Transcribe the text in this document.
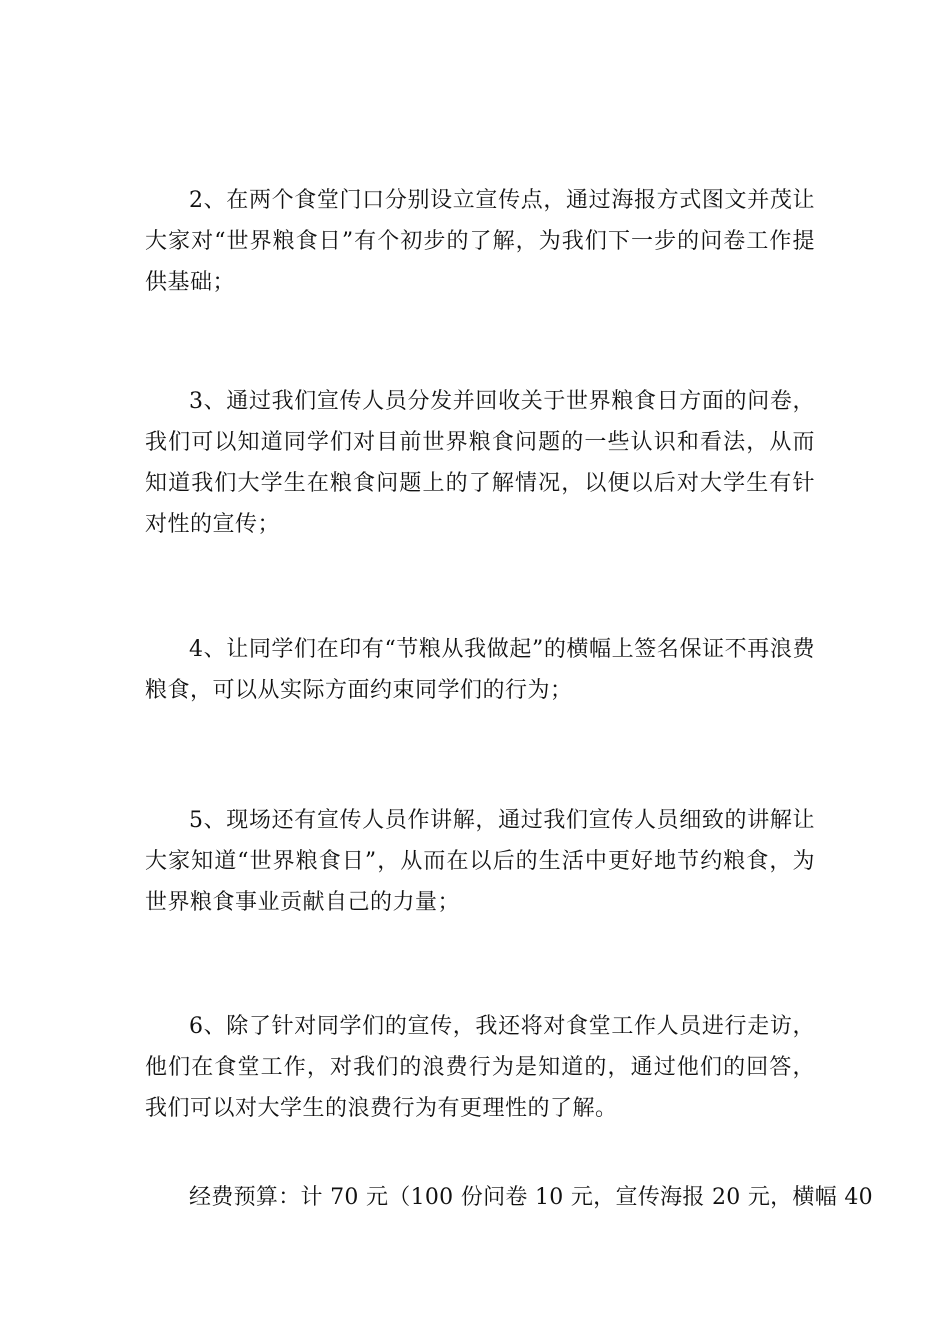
2、在两个食堂门口分别设立宣传点，通过海报方式图文并茂让大家对“世界粮食日”有个初步的了解，为我们下一步的问卷工作提供基础；

3、通过我们宣传人员分发并回收关于世界粮食日方面的问卷，我们可以知道同学们对目前世界粮食问题的一些认识和看法，从而知道我们大学生在粮食问题上的了解情况，以便以后对大学生有针对性的宣传；

4、让同学们在印有“节粮从我做起”的横幅上签名保证不再浪费粮食，可以从实际方面约束同学们的行为；

5、现场还有宣传人员作讲解，通过我们宣传人员细致的讲解让大家知道“世界粮食日”，从而在以后的生活中更好地节约粮食，为世界粮食事业贡献自己的力量；

6、除了针对同学们的宣传，我还将对食堂工作人员进行走访，他们在食堂工作，对我们的浪费行为是知道的，通过他们的回答，我们可以对大学生的浪费行为有更理性的了解。

经费预算：计 70 元（100 份问卷 10 元，宣传海报 20 元，横幅 40
